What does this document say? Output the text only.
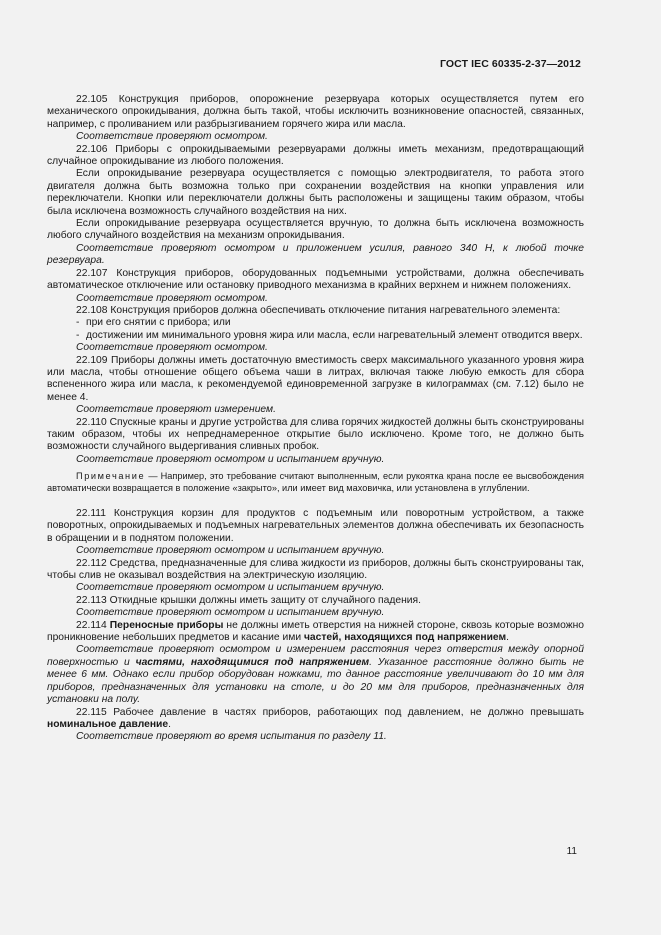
ГОСТ IEC 60335-2-37—2012

22.105 Конструкция приборов, опорожнение резервуара которых осуществляется путем его механического опрокидывания, должна быть такой, чтобы исключить возникновение опасностей, связанных, например, с проливанием или разбрызгиванием горячего жира или масла.

Соответствие проверяют осмотром.

22.106 Приборы с опрокидываемыми резервуарами должны иметь механизм, предотвращающий случайное опрокидывание из любого положения.

Если опрокидывание резервуара осуществляется с помощью электродвигателя, то работа этого двигателя должна быть возможна только при сохранении воздействия на кнопки управления или переключатели. Кнопки или переключатели должны быть расположены и защищены таким образом, чтобы была исключена возможность случайного воздействия на них.

Если опрокидывание резервуара осуществляется вручную, то должна быть исключена возможность любого случайного воздействия на механизм опрокидывания.

Соответствие проверяют осмотром и приложением усилия, равного 340 Н, к любой точке резервуара.

22.107 Конструкция приборов, оборудованных подъемными устройствами, должна обеспечивать автоматическое отключение или остановку приводного механизма в крайних верхнем и нижнем положениях.

Соответствие проверяют осмотром.

22.108 Конструкция приборов должна обеспечивать отключение питания нагревательного элемента:

- при его снятии с прибора; или

- достижении им минимального уровня жира или масла, если нагревательный элемент отводится вверх.

Соответствие проверяют осмотром.

22.109 Приборы должны иметь достаточную вместимость сверх максимального указанного уровня жира или масла, чтобы отношение общего объема чаши в литрах, включая также любую емкость для сбора вспененного жира или масла, к рекомендуемой единовременной загрузке в килограммах (см. 7.12) было не менее 4.

Соответствие проверяют измерением.

22.110 Спускные краны и другие устройства для слива горячих жидкостей должны быть сконструированы таким образом, чтобы их непреднамеренное открытие было исключено. Кроме того, не должно быть возможности случайного выдергивания сливных пробок.

Соответствие проверяют осмотром и испытанием вручную.

Примечание — Например, это требование считают выполненным, если рукоятка крана после ее высвобождения автоматически возвращается в положение «закрыто», или имеет вид маховичка, или установлена в углублении.

22.111 Конструкция корзин для продуктов с подъемным или поворотным устройством, а также поворотных, опрокидываемых и подъемных нагревательных элементов должна обеспечивать их безопасность в обращении и в поднятом положении.

Соответствие проверяют осмотром и испытанием вручную.

22.112 Средства, предназначенные для слива жидкости из приборов, должны быть сконструированы так, чтобы слив не оказывал воздействия на электрическую изоляцию.

Соответствие проверяют осмотром и испытанием вручную.

22.113 Откидные крышки должны иметь защиту от случайного падения.

Соответствие проверяют осмотром и испытанием вручную.

22.114 Переносные приборы не должны иметь отверстия на нижней стороне, сквозь которые возможно проникновение небольших предметов и касание ими частей, находящихся под напряжением.

Соответствие проверяют осмотром и измерением расстояния через отверстия между опорной поверхностью и частями, находящимися под напряжением. Указанное расстояние должно быть не менее 6 мм. Однако если прибор оборудован ножками, то данное расстояние увеличивают до 10 мм для приборов, предназначенных для установки на столе, и до 20 мм для приборов, предназначенных для установки на полу.

22.115 Рабочее давление в частях приборов, работающих под давлением, не должно превышать номинальное давление.

Соответствие проверяют во время испытания по разделу 11.

11
